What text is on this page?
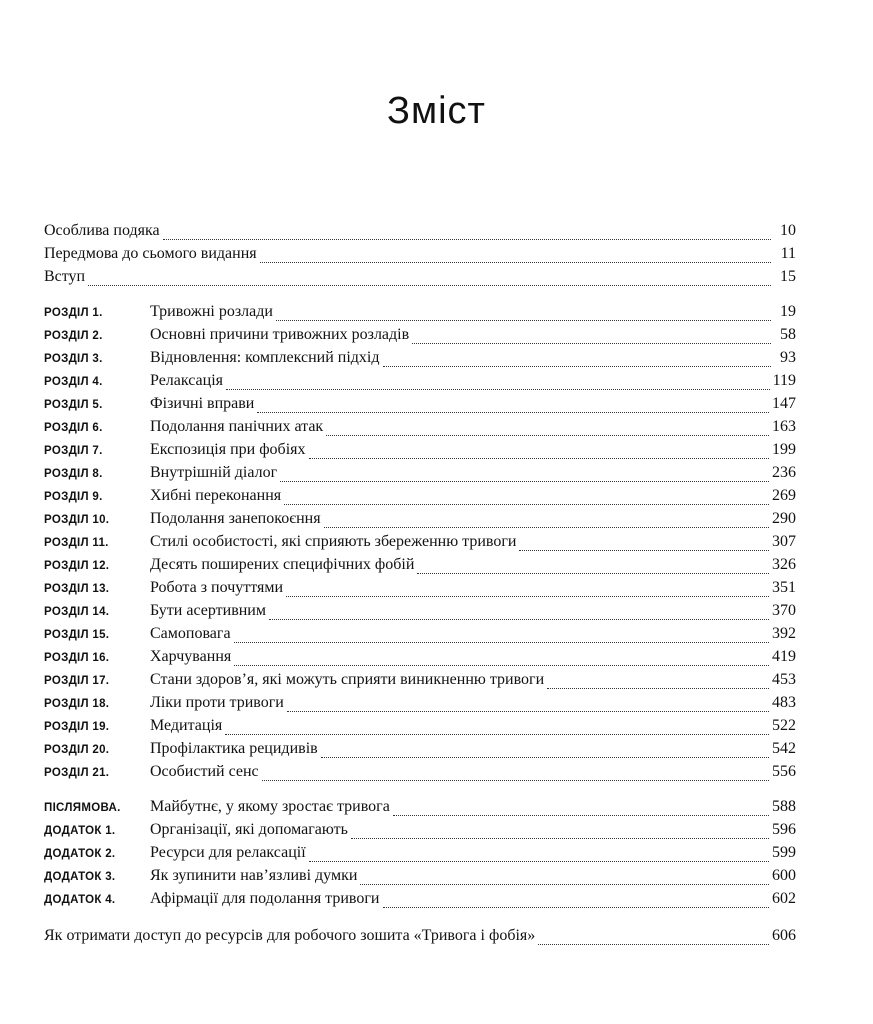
Зміст
Особлива подяка	10
Передмова до сьомого видання	11
Вступ	15
РОЗДІЛ 1.	Тривожні розлади	19
РОЗДІЛ 2.	Основні причини тривожних розладів	58
РОЗДІЛ 3.	Відновлення: комплексний підхід	93
РОЗДІЛ 4.	Релаксація	119
РОЗДІЛ 5.	Фізичні вправи	147
РОЗДІЛ 6.	Подолання панічних атак	163
РОЗДІЛ 7.	Експозиція при фобіях	199
РОЗДІЛ 8.	Внутрішній діалог	236
РОЗДІЛ 9.	Хибні переконання	269
РОЗДІЛ 10.	Подолання занепокоєння	290
РОЗДІЛ 11.	Стилі особистості, які сприяють збереженню тривоги	307
РОЗДІЛ 12.	Десять поширених специфічних фобій	326
РОЗДІЛ 13.	Робота з почуттями	351
РОЗДІЛ 14.	Бути асертивним	370
РОЗДІЛ 15.	Самоповага	392
РОЗДІЛ 16.	Харчування	419
РОЗДІЛ 17.	Стани здоров’я, які можуть сприяти виникненню тривоги	453
РОЗДІЛ 18.	Ліки проти тривоги	483
РОЗДІЛ 19.	Медитація	522
РОЗДІЛ 20.	Профілактика рецидивів	542
РОЗДІЛ 21.	Особистий сенс	556
ПІСЛЯМОВА.	Майбутнє, у якому зростає тривога	588
ДОДАТОК 1.	Організації, які допомагають	596
ДОДАТОК 2.	Ресурси для релаксації	599
ДОДАТОК 3.	Як зупинити нав’язливі думки	600
ДОДАТОК 4.	Афірмації для подолання тривоги	602
Як отримати доступ до ресурсів для робочого зошита «Тривога і фобія»	606
